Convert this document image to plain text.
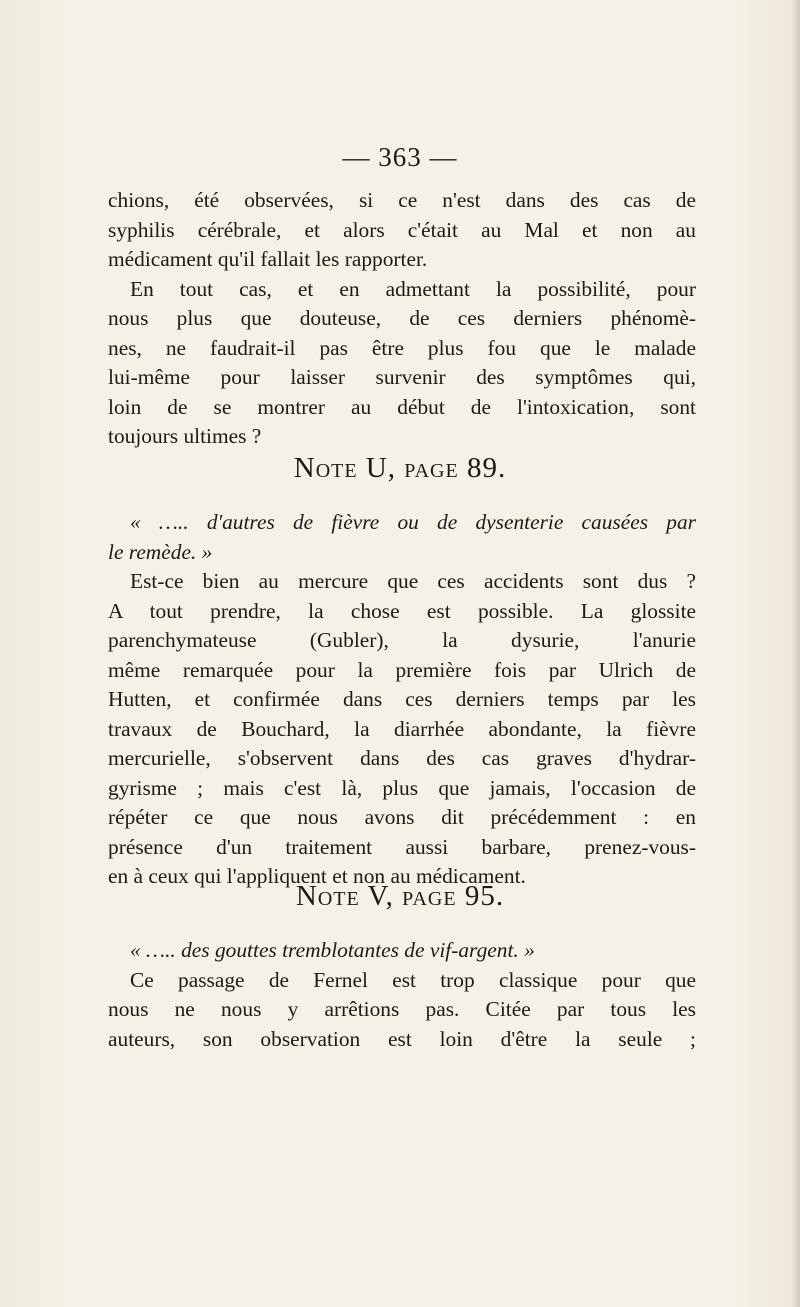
— 363 —
chions, été observées, si ce n'est dans des cas de
syphilis cérébrale, et alors c'était au Mal et non au
médicament qu'il fallait les rapporter.
En tout cas, et en admettant la possibilité, pour
nous plus que douteuse, de ces derniers phénomè-
nes, ne faudrait-il pas être plus fou que le malade
lui-même pour laisser survenir des symptômes qui,
loin de se montrer au début de l'intoxication, sont
toujours ultimes ?
Note U, page 89.
« ….. d'autres de fièvre ou de dysenterie causées par
le remède. »
Est-ce bien au mercure que ces accidents sont dus ?
A tout prendre, la chose est possible. La glossite
parenchymateuse (Gubler), la dysurie, l'anurie
même remarquée pour la première fois par Ulrich de
Hutten, et confirmée dans ces derniers temps par les
travaux de Bouchard, la diarrhée abondante, la fièvre
mercurielle, s'observent dans des cas graves d'hydrar-
gyrisme ; mais c'est là, plus que jamais, l'occasion de
répéter ce que nous avons dit précédemment : en
présence d'un traitement aussi barbare, prenez-vous-
en à ceux qui l'appliquent et non au médicament.
Note V, page 95.
« ….. des gouttes tremblotantes de vif-argent. »
Ce passage de Fernel est trop classique pour que
nous ne nous y arrêtions pas. Citée par tous les
auteurs, son observation est loin d'être la seule ;
